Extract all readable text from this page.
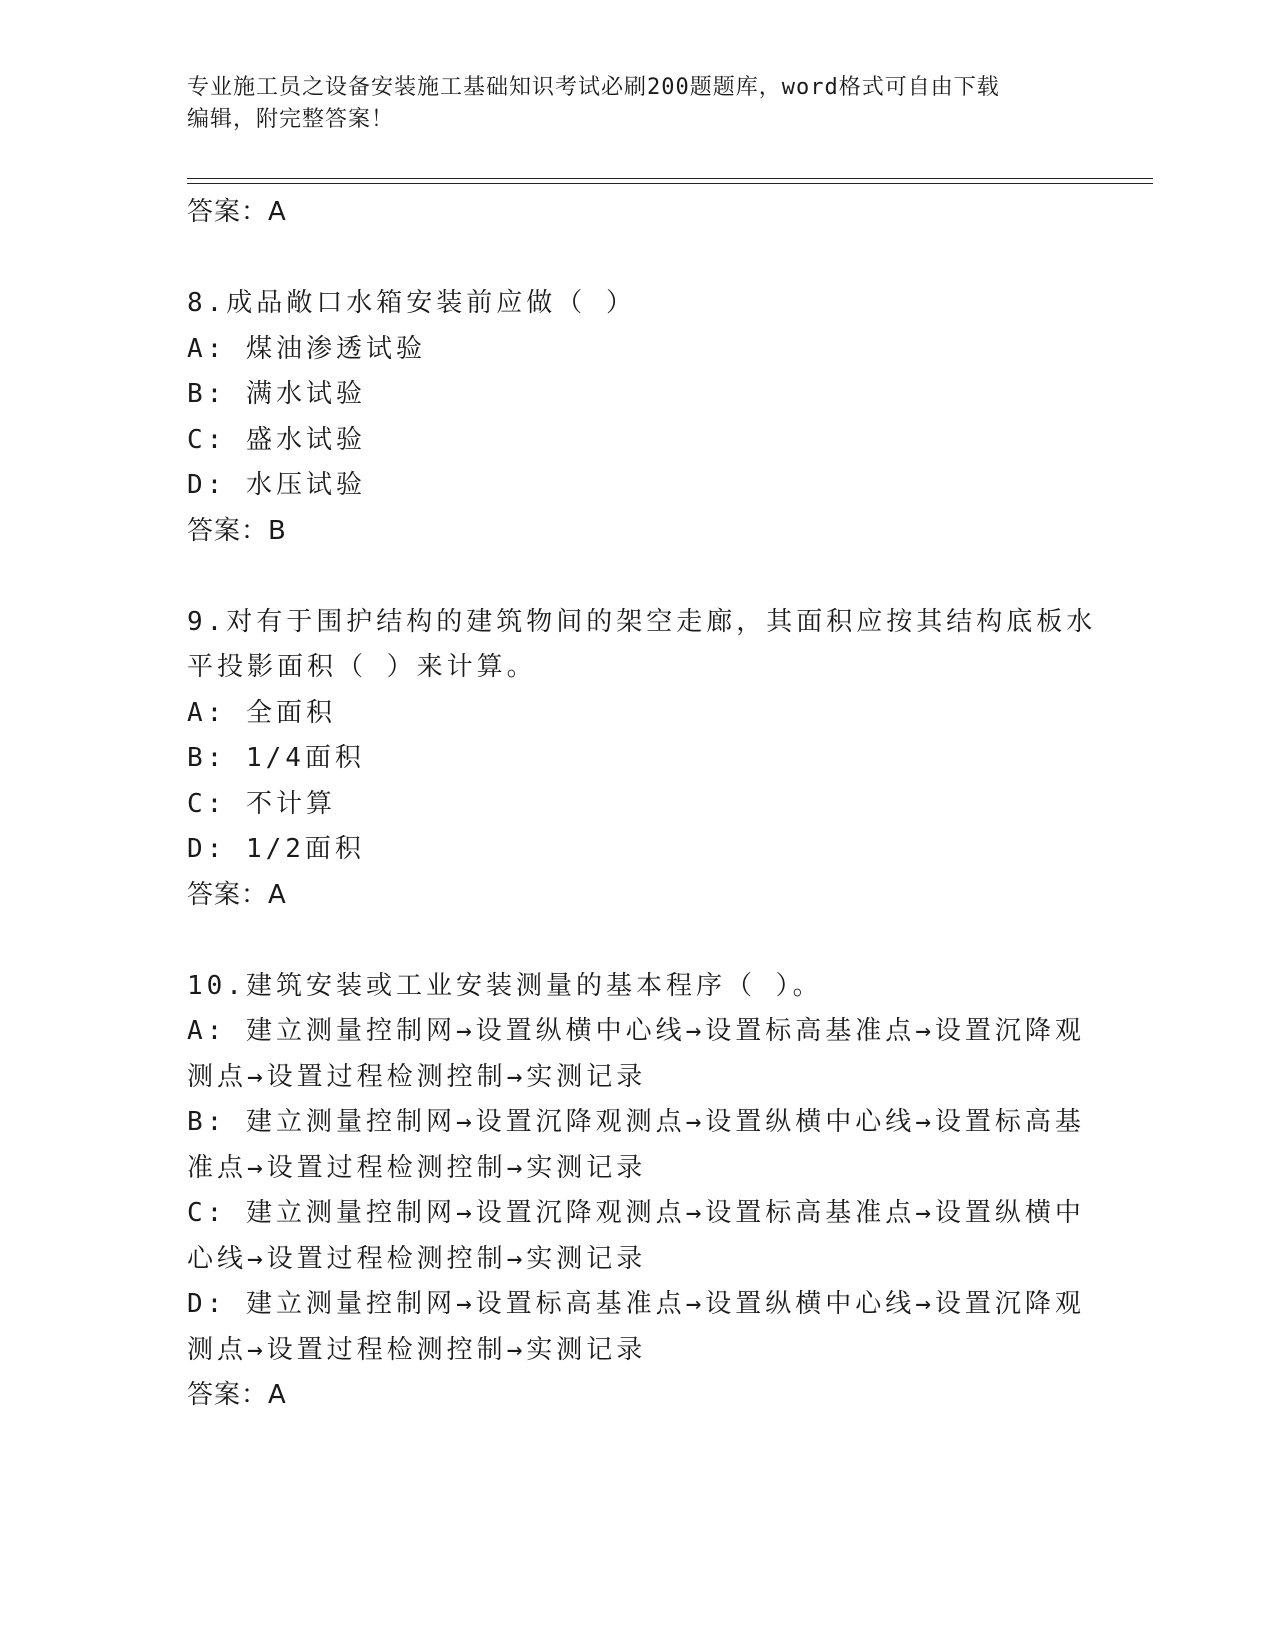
专业施工员之设备安装施工基础知识考试必刷200题题库，word格式可自由下载
编辑，附完整答案！
答案：A
8.成品敞口水箱安装前应做（ ）
A: 煤油渗透试验
B: 满水试验
C: 盛水试验
D: 水压试验
答案：B
9.对有于围护结构的建筑物间的架空走廊，其面积应按其结构底板水
平投影面积（ ）来计算。
A: 全面积
B: 1/4面积
C: 不计算
D: 1/2面积
答案：A
10.建筑安装或工业安装测量的基本程序（ ）。
A: 建立测量控制网→设置纵横中心线→设置标高基准点→设置沉降观
测点→设置过程检测控制→实测记录
B: 建立测量控制网→设置沉降观测点→设置纵横中心线→设置标高基
准点→设置过程检测控制→实测记录
C: 建立测量控制网→设置沉降观测点→设置标高基准点→设置纵横中
心线→设置过程检测控制→实测记录
D: 建立测量控制网→设置标高基准点→设置纵横中心线→设置沉降观
测点→设置过程检测控制→实测记录
答案：A
